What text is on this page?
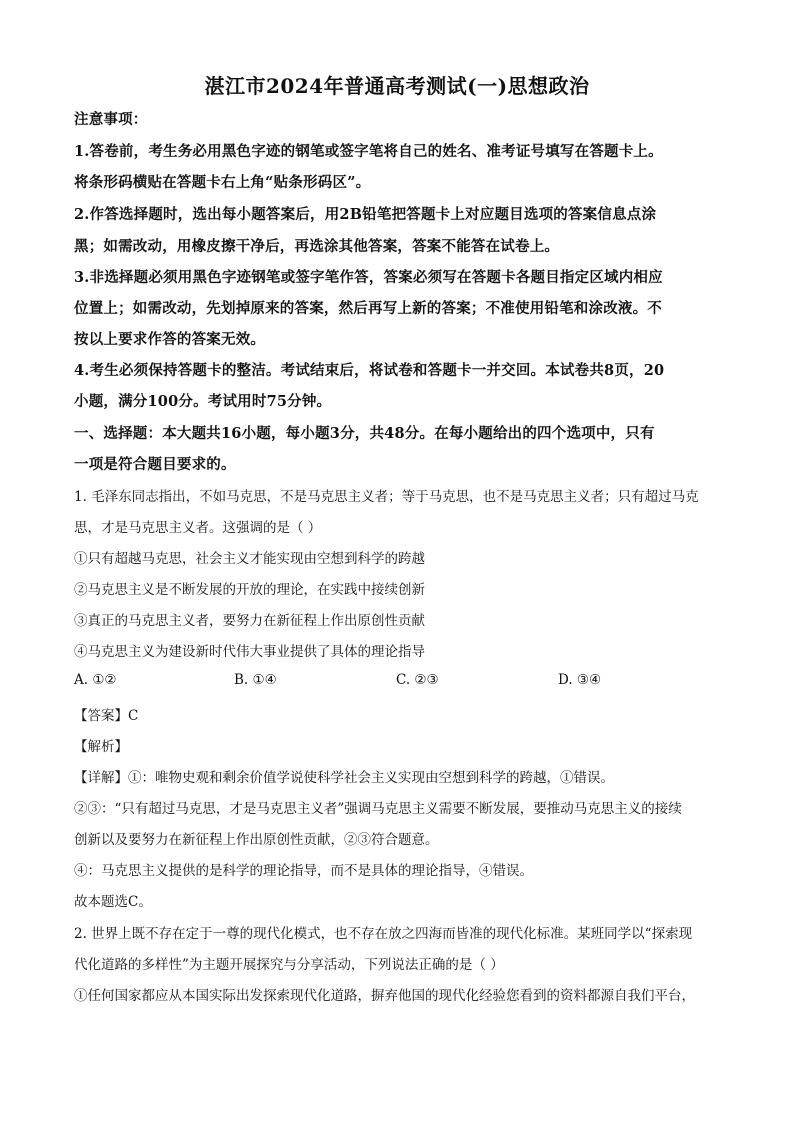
湛江市2024年普通高考测试(一)思想政治
注意事项：
1.答卷前，考生务必用黑色字迹的钢笔或签字笔将自己的姓名、准考证号填写在答题卡上。
将条形码横贴在答题卡右上角“贴条形码区”。
2.作答选择题时，选出每小题答案后，用2B铅笔把答题卡上对应题目选项的答案信息点涂
黑；如需改动，用橡皮擦干净后，再选涂其他答案，答案不能答在试卷上。
3.非选择题必须用黑色字迹钢笔或签字笔作答，答案必须写在答题卡各题目指定区域内相应
位置上；如需改动，先划掉原来的答案，然后再写上新的答案；不准使用铅笔和涂改液。不
按以上要求作答的答案无效。
4.考生必须保持答题卡的整洁。考试结束后，将试卷和答题卡一并交回。本试卷共8页，20
小题，满分100分。考试用时75分钟。
一、选择题：本大题共16小题，每小题3分，共48分。在每小题给出的四个选项中，只有
一项是符合题目要求的。
1. 毛泽东同志指出，不如马克思，不是马克思主义者；等于马克思，也不是马克思主义者；只有超过马克
思，才是马克思主义者。这强调的是（ ）
①只有超越马克思，社会主义才能实现由空想到科学的跨越
②马克思主义是不断发展的开放的理论，在实践中接续创新
③真正的马克思主义者，要努力在新征程上作出原创性贡献
④马克思主义为建设新时代伟大事业提供了具体的理论指导
A. ①②	B. ①④	C. ②③	D. ③④
【答案】C
【解析】
【详解】①：唯物史观和剩余价值学说使科学社会主义实现由空想到科学的跨越，①错误。
②③：“只有超过马克思，才是马克思主义者”强调马克思主义需要不断发展，要推动马克思主义的接续
创新以及要努力在新征程上作出原创性贡献，②③符合题意。
④：马克思主义提供的是科学的理论指导，而不是具体的理论指导，④错误。
故本题选C。
2. 世界上既不存在定于一尊的现代化模式，也不存在放之四海而皆准的现代化标准。某班同学以“探索现
代化道路的多样性”为主题开展探究与分享活动，下列说法正确的是（ ）
①任何国家都应从本国实际出发探索现代化道路，摒弃他国的现代化经验您看到的资料都源自我们平台，
